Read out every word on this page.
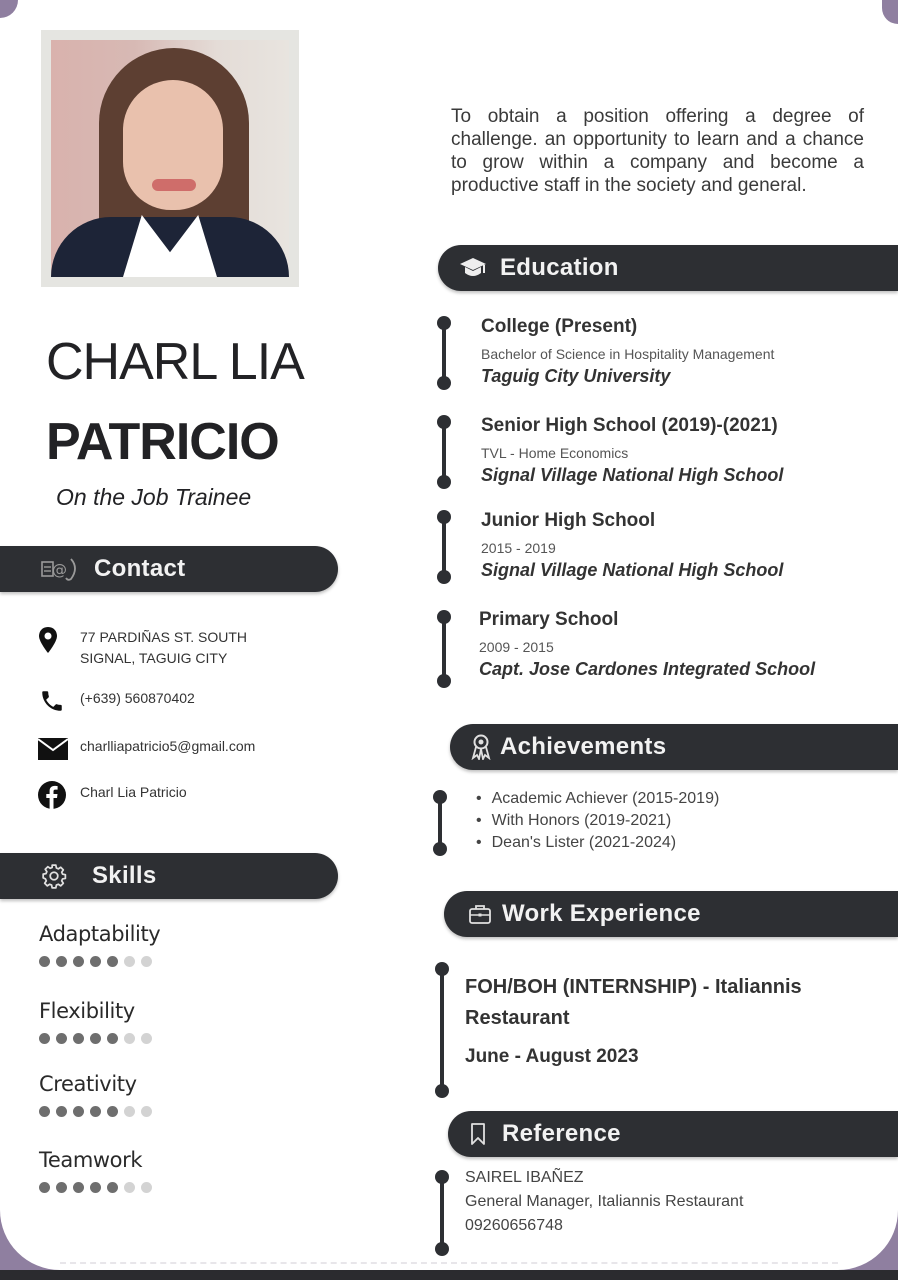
CHARL LIA
PATRICIO
On the Job Trainee
@ Contact
77 PARDIÑAS ST. SOUTH
SIGNAL, TAGUIG CITY
(+639) 560870402
charlliapatricio5@gmail.com
Charl Lia Patricio
Skills
Adaptability
Flexibility
Creativity
Teamwork
To obtain a position offering a degree of challenge. an opportunity to learn and a chance to grow within a company and become a productive staff in the society and general.
Education
College (Present)
Bachelor of Science in Hospitality Management
Taguig City University
Senior High School (2019)-(2021)
TVL - Home Economics
Signal Village National High School
Junior High School
2015 - 2019
Signal Village National High School
Primary School
2009 - 2015
Capt. Jose Cardones Integrated School
Achievements
• Academic Achiever (2015-2019)
• With Honors (2019-2021)
• Dean's Lister (2021-2024)
Work Experience
FOH/BOH (INTERNSHIP) - Italiannis Restaurant
June - August 2023
Reference
SAIREL IBAÑEZ
General Manager, Italiannis Restaurant
09260656748
